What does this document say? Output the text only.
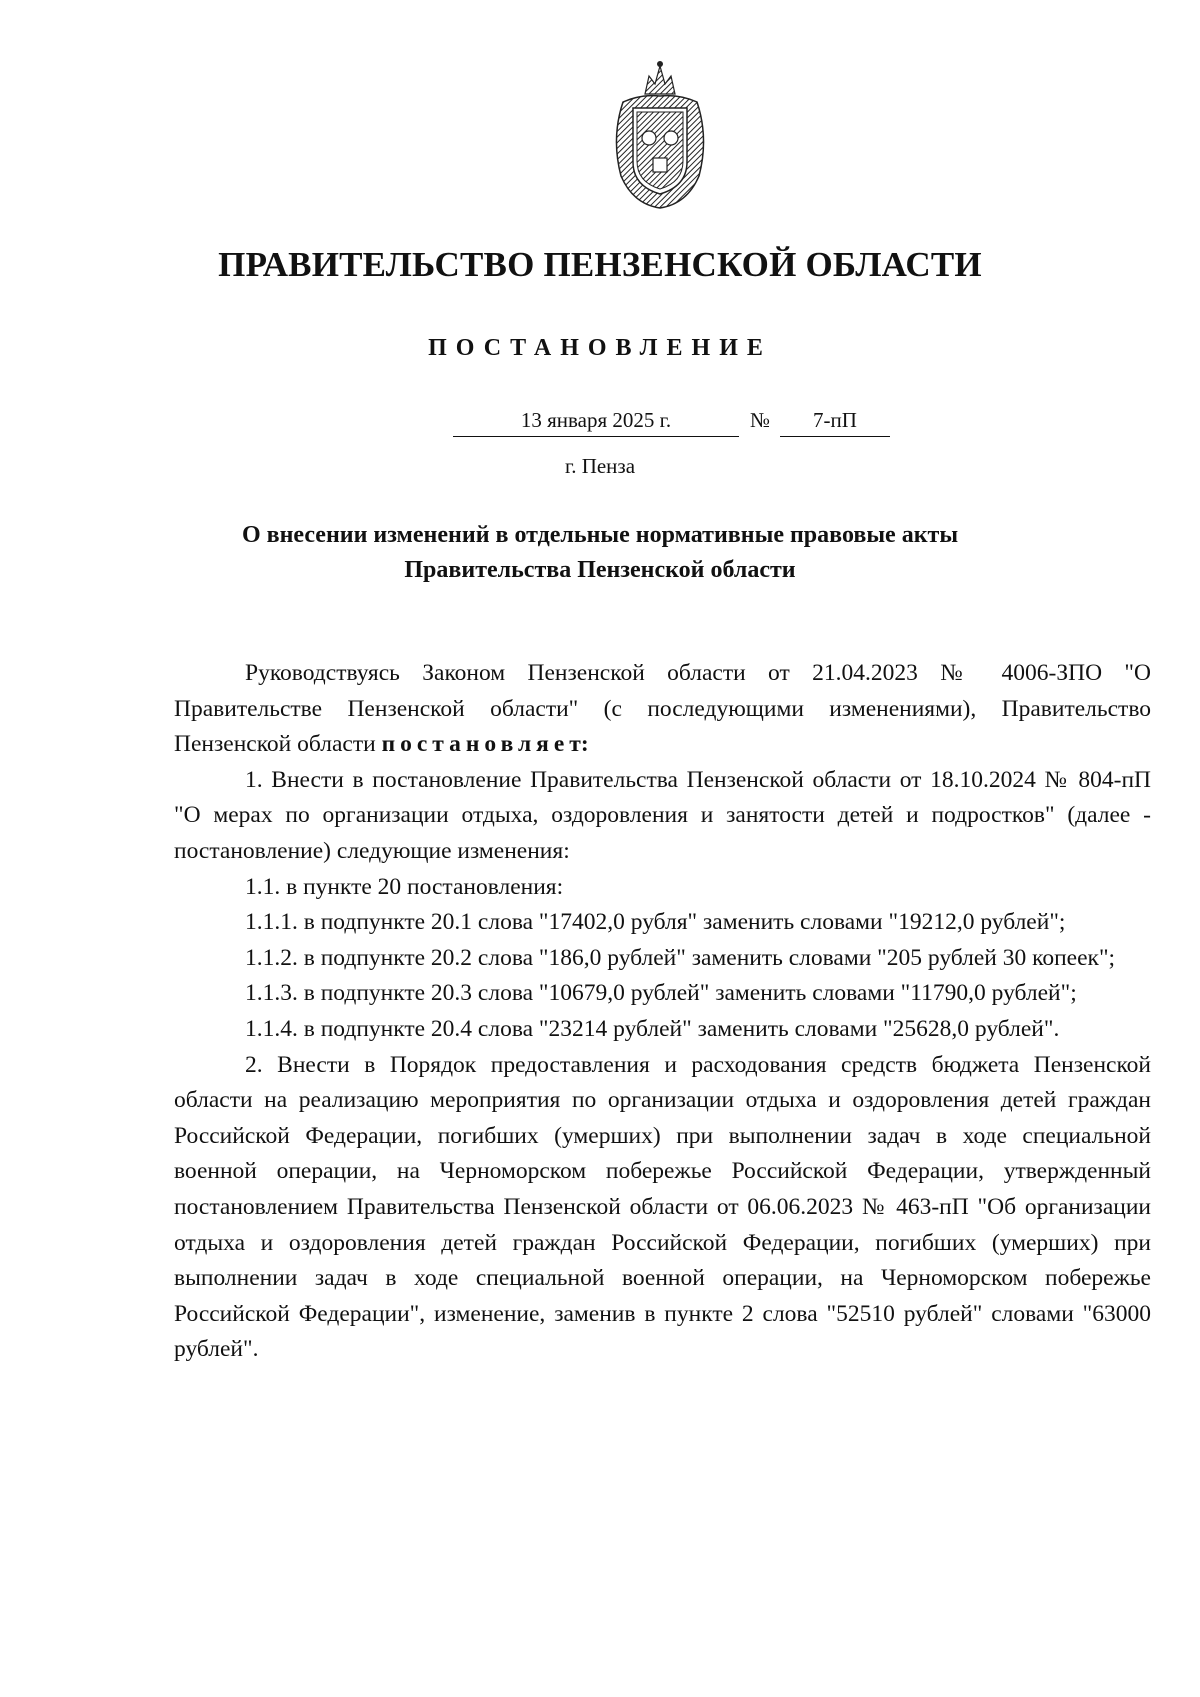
ПРАВИТЕЛЬСТВО ПЕНЗЕНСКОЙ ОБЛАСТИ
ПОСТАНОВЛЕНИЕ
13 января 2025 г.	№	7-пП
г. Пенза
О внесении изменений в отдельные нормативные правовые акты
Правительства Пензенской области

Руководствуясь Законом Пензенской области от 21.04.2023 № 4006-ЗПО "О Правительстве Пензенской области" (с последующими изменениями), Правительство Пензенской области постановляет:

1. Внести в постановление Правительства Пензенской области от 18.10.2024 № 804-пП "О мерах по организации отдыха, оздоровления и занятости детей и подростков" (далее - постановление) следующие изменения:

1.1. в пункте 20 постановления:

1.1.1. в подпункте 20.1 слова "17402,0 рубля" заменить словами "19212,0 рублей";

1.1.2. в подпункте 20.2 слова "186,0 рублей" заменить словами "205 рублей 30 копеек";

1.1.3. в подпункте 20.3 слова "10679,0 рублей" заменить словами "11790,0 рублей";

1.1.4. в подпункте 20.4 слова "23214 рублей" заменить словами "25628,0 рублей".

2. Внести в Порядок предоставления и расходования средств бюджета Пензенской области на реализацию мероприятия по организации отдыха и оздоровления детей граждан Российской Федерации, погибших (умерших) при выполнении задач в ходе специальной военной операции, на Черноморском побережье Российской Федерации, утвержденный постановлением Правительства Пензенской области от 06.06.2023 № 463-пП "Об организации отдыха и оздоровления детей граждан Российской Федерации, погибших (умерших) при выполнении задач в ходе специальной военной операции, на Черноморском побережье Российской Федерации", изменение, заменив в пункте 2 слова "52510 рублей" словами "63000 рублей".
